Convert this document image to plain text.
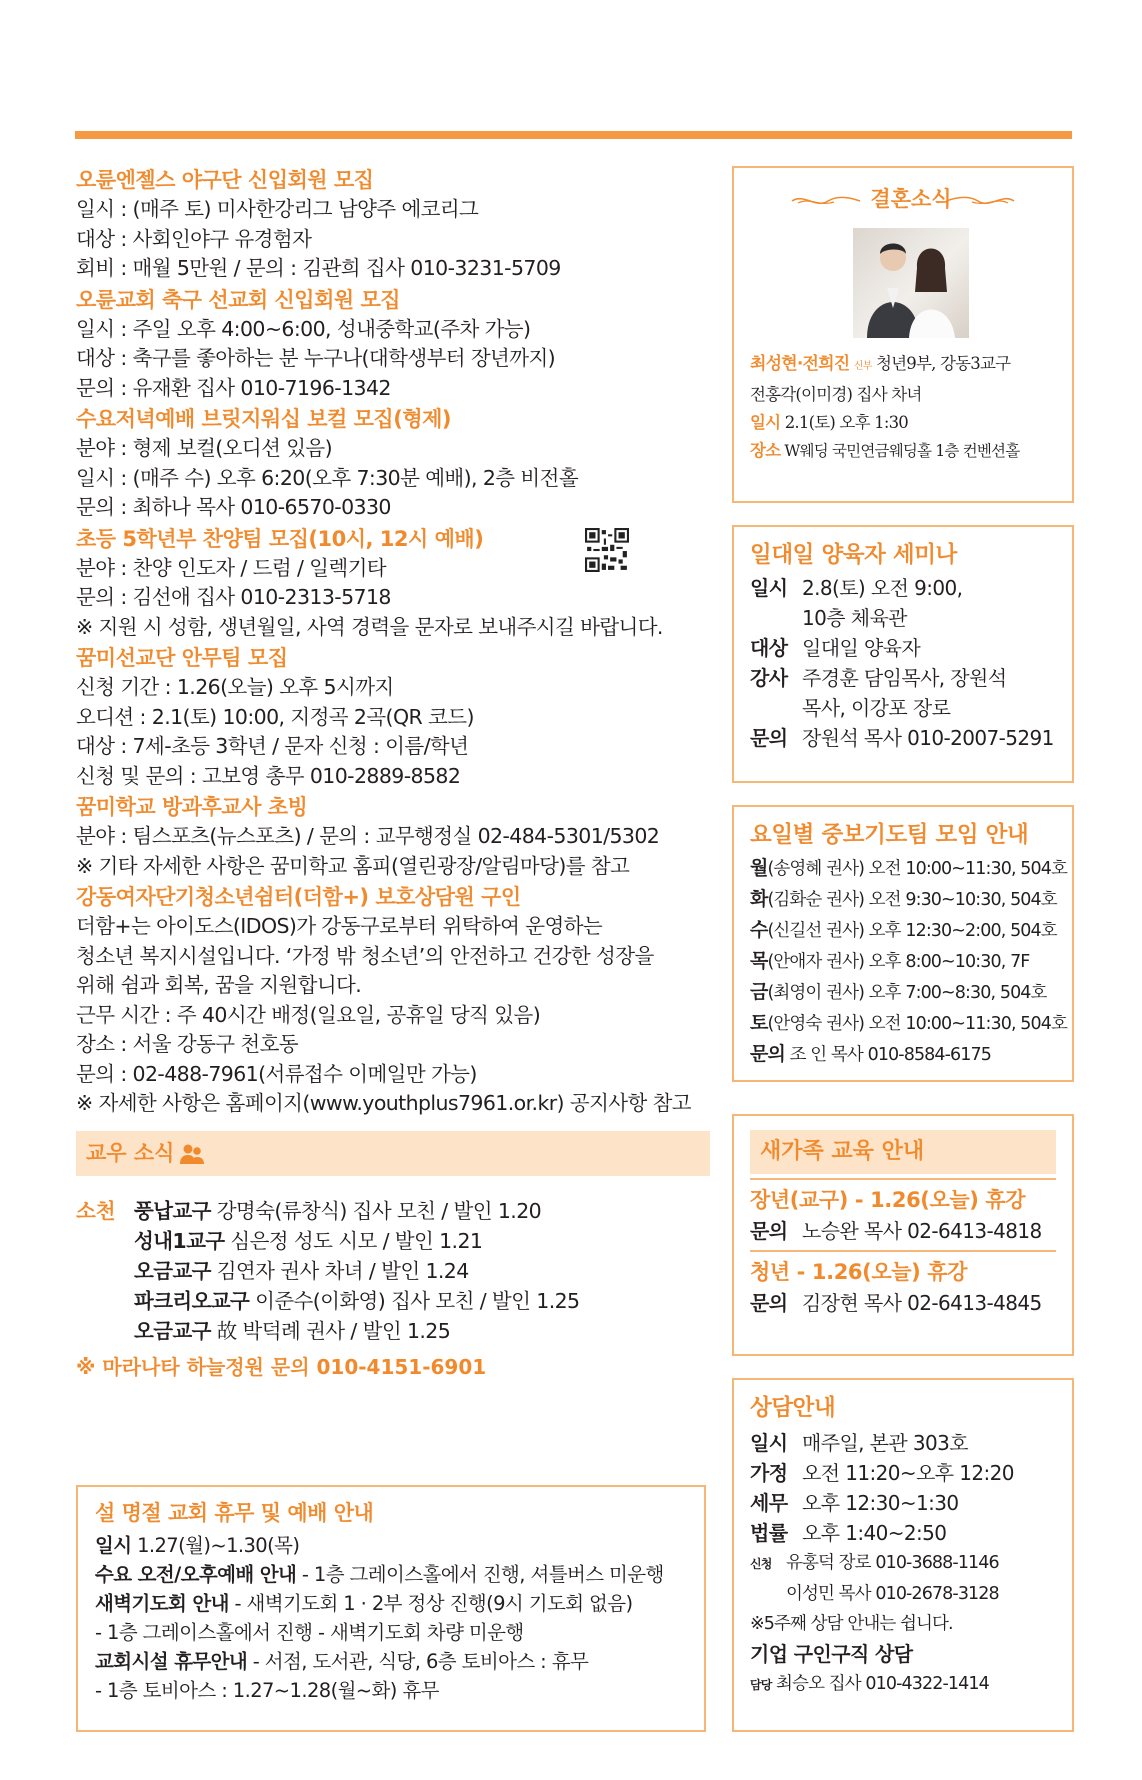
오륜엔젤스 야구단 신입회원 모집
일시 : (매주 토) 미사한강리그 남양주 에코리그
대상 : 사회인야구 유경험자
회비 : 매월 5만원 / 문의 : 김관희 집사 010-3231-5709
오륜교회 축구 선교회 신입회원 모집
일시 : 주일 오후 4:00~6:00, 성내중학교(주차 가능)
대상 : 축구를 좋아하는 분 누구나(대학생부터 장년까지)
문의 : 유재환 집사 010-7196-1342
수요저녁예배 브릿지워십 보컬 모집(형제)
분야 : 형제 보컬(오디션 있음)
일시 : (매주 수) 오후 6:20(오후 7:30분 예배), 2층 비전홀
문의 : 최하나 목사 010-6570-0330
초등 5학년부 찬양팀 모집(10시, 12시 예배)
분야 : 찬양 인도자 / 드럼 / 일렉기타
문의 : 김선애 집사 010-2313-5718
※ 지원 시 성함, 생년월일, 사역 경력을 문자로 보내주시길 바랍니다.
꿈미선교단 안무팀 모집
신청 기간 : 1.26(오늘) 오후 5시까지
오디션 : 2.1(토) 10:00, 지정곡 2곡(QR 코드)
대상 : 7세-초등 3학년 / 문자 신청 : 이름/학년
신청 및 문의 : 고보영 총무 010-2889-8582
꿈미학교 방과후교사 초빙
분야 : 팀스포츠(뉴스포츠) / 문의 : 교무행정실 02-484-5301/5302
※ 기타 자세한 사항은 꿈미학교 홈피(열린광장/알림마당)를 참고
강동여자단기청소년쉼터(더함+) 보호상담원 구인
더함+는 아이도스(IDOS)가 강동구로부터 위탁하여 운영하는
청소년 복지시설입니다. ‘가정 밖 청소년’의 안전하고 건강한 성장을
위해 쉼과 회복, 꿈을 지원합니다.
근무 시간 : 주 40시간 배정(일요일, 공휴일 당직 있음)
장소 : 서울 강동구 천호동
문의 : 02-488-7961(서류접수 이메일만 가능)
※ 자세한 사항은 홈페이지(www.youthplus7961.or.kr) 공지사항 참고
교우 소식
소천 풍납교구 강명숙(류창식) 집사 모친 / 발인 1.20
성내1교구 심은정 성도 시모 / 발인 1.21
오금교구 김연자 권사 차녀 / 발인 1.24
파크리오교구 이준수(이화영) 집사 모친 / 발인 1.25
오금교구 故 박덕례 권사 / 발인 1.25
※ 마라나타 하늘정원 문의 010-4151-6901
설 명절 교회 휴무 및 예배 안내
일시 1.27(월)~1.30(목)
수요 오전/오후예배 안내 - 1층 그레이스홀에서 진행, 셔틀버스 미운행
새벽기도회 안내 - 새벽기도회 1 · 2부 정상 진행(9시 기도회 없음)
- 1층 그레이스홀에서 진행 - 새벽기도회 차량 미운행
교회시설 휴무안내 - 서점, 도서관, 식당, 6층 토비아스 : 휴무
- 1층 토비아스 : 1.27~1.28(월~화) 휴무
결혼소식
최성현·전희진 신부 청년9부, 강동3교구
전홍각(이미경) 집사 차녀
일시 2.1(토) 오후 1:30
장소 W웨딩 국민연금웨딩홀 1층 컨벤션홀
일대일 양육자 세미나
일시 2.8(토) 오전 9:00,
10층 체육관
대상 일대일 양육자
강사 주경훈 담임목사, 장원석
목사, 이강포 장로
문의 장원석 목사 010-2007-5291
요일별 중보기도팀 모임 안내
월(송영혜 권사) 오전 10:00~11:30, 504호
화(김화순 권사) 오전 9:30~10:30, 504호
수(신길선 권사) 오후 12:30~2:00, 504호
목(안애자 권사) 오후 8:00~10:30, 7F
금(최영이 권사) 오후 7:00~8:30, 504호
토(안영숙 권사) 오전 10:00~11:30, 504호
문의 조 인 목사 010-8584-6175
새가족 교육 안내
장년(교구) - 1.26(오늘) 휴강
문의 노승완 목사 02-6413-4818
청년 - 1.26(오늘) 휴강
문의 김장현 목사 02-6413-4845
상담안내
일시 매주일, 본관 303호
가정 오전 11:20~오후 12:20
세무 오후 12:30~1:30
법률 오후 1:40~2:50
신청 유홍덕 장로 010-3688-1146
이성민 목사 010-2678-3128
※5주째 상담 안내는 쉽니다.
기업 구인구직 상담
담당 최승오 집사 010-4322-1414
